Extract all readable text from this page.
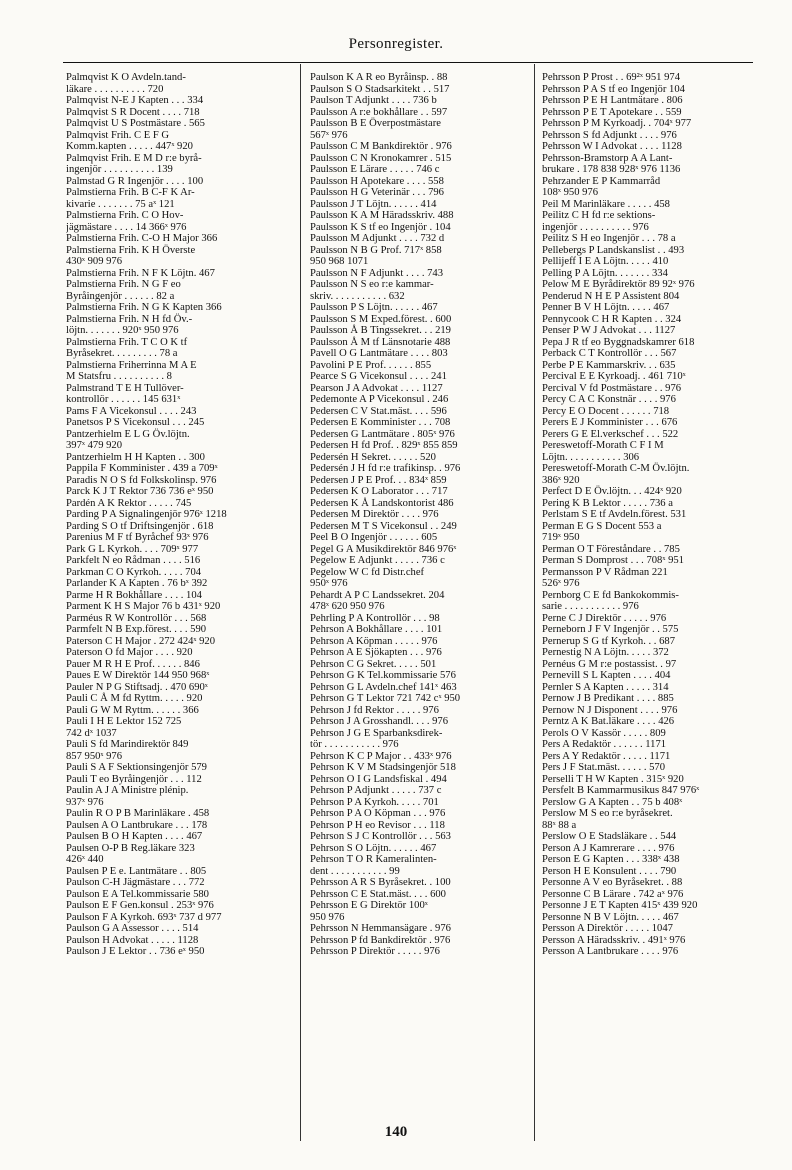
Personregister.
Palmqvist K O Avdeln.tand-
läkare . . . . . . . . . . 720
Palmqvist N-E J Kapten . . . 334
Palmqvist S R Docent . . . . 718
Palmqvist U S Postmästare . 565
Palmqvist Frih. C E F G
Komm.kapten . . . . . 447ˣ 920
Palmqvist Frih. E M D r:e byrå-
ingenjör . . . . . . . . . . 139
Palmstad G R Ingenjör . . . . 100
Palmstierna Frih. B C-F K Ar-
kivarie . . . . . . . 75 aˣ 121
Palmstierna Frih. C O Hov-
jägmästare . . . . 14 366ˣ 976
Palmstierna Frih. C-O H Major 366
Palmstierna Frih. K H Överste
430ˣ 909 976
Palmstierna Frih. N F K Löjtn. 467
Palmstierna Frih. N G F eo
Byråingenjör . . . . . . 82 a
Palmstierna Frih. N G K Kapten 366
Palmstierna Frih. N H fd Öv.-
löjtn. . . . . . . 920ˣ 950 976
Palmstierna Frih. T C O K tf
Byråsekret. . . . . . . . . 78 a
Palmstierna Friherrinna M A E
M Statsfru . . . . . . . . . . 8
Palmstrand T E H Tullöver-
kontrollör . . . . . . 145 631ˣ
Pams F A Vicekonsul . . . . 243
Panetsos P S Vicekonsul . . . 245
Pantzerhielm E L G Öv.löjtn.
397ˣ 479 920
Pantzerhielm H H Kapten . . 300
Pappila F Komminister . 439 a 709ˣ
Paradis N O S fd Folkskolinsp. 976
Parck K J T Rektor 736 736 eˣ 950
Pardén A K Rektor . . . . . 745
Parding P A Signalingenjör 976ˣ 1218
Parding S O tf Driftsingenjör . 618
Parenius M F tf Byråchef 93ˣ 976
Park G L Kyrkoh. . . . 709ˣ 977
Parkfelt N eo Rådman . . . . 516
Parkman C O Kyrkoh. . . . . 704
Parlander K A Kapten . 76 bˣ 392
Parme H R Bokhållare . . . . 104
Parment K H S Major 76 b 431ˣ 920
Parméus R W Kontrollör . . . 568
Parmfelt N B Exp.förest. . . . 590
Paterson C H Major . 272 424ˣ 920
Paterson O fd Major . . . . 920
Pauer M R H E Prof. . . . . . 846
Paues E W Direktör 144 950 968ˣ
Pauler N P G Stiftsadj. . 470 690ˣ
Pauli C Å M fd Ryttm. . . . . 920
Pauli G W M Ryttm. . . . . . 366
Pauli I H E Lektor 152 725
742 dˣ 1037
Pauli S fd Marindirektör 849
857 950ˣ 976
Pauli S A F Sektionsingenjör 579
Pauli T eo Byråingenjör . . . 112
Paulin A J A Ministre plénip.
937ˣ 976
Paulin R O P B Marinläkare . 458
Paulsen A O Lantbrukare . . . 178
Paulsen B O H Kapten . . . . 467
Paulsen O-P B Reg.läkare 323
426ˣ 440
Paulsen P E e. Lantmätare . . 805
Paulson C-H Jägmästare . . . 772
Paulson E A Tel.kommissarie 580
Paulson E F Gen.konsul . 253ˣ 976
Paulson F A Kyrkoh. 693ˣ 737 d 977
Paulson G A Assessor . . . . 514
Paulson H Advokat . . . . . 1128
Paulson J E Lektor . . 736 eˣ 950
Paulson K A R eo Byråinsp. . 88
Paulson S O Stadsarkitekt . . 517
Paulson T Adjunkt . . . . 736 b
Paulsson A r:e bokhållare . . 597
Paulsson B E Överpostmästare
567ˣ 976
Paulsson C M Bankdirektör . 976
Paulsson C N Kronokamrer . 515
Paulsson E Lärare . . . . . 746 c
Paulsson H Apotekare . . . . 558
Paulsson H G Veterinär . . . 796
Paulsson J T Löjtn. . . . . . 414
Paulsson K A M Häradsskriv. 488
Paulsson K S tf eo Ingenjör . 104
Paulsson M Adjunkt . . . . 732 d
Paulsson N B G Prof. 717ˣ 858
950 968 1071
Paulsson N F Adjunkt . . . . 743
Paulsson N S eo r:e kammar-
skriv. . . . . . . . . . . 632
Paulsson P S Löjtn. . . . . . 467
Paulsson S M Exped.förest. . 600
Paulsson Å B Tingssekret. . . 219
Paulsson Å M tf Länsnotarie 488
Pavell O G Lantmätare . . . . 803
Pavolini P E Prof. . . . . . 855
Pearce S G Vicekonsul . . . . 241
Pearson J A Advokat . . . . 1127
Pedemonte A P Vicekonsul . 246
Pedersen C V Stat.mäst. . . . 596
Pedersen E Komminister . . . 708
Pedersen G Lantmätare . 805ˣ 976
Pedersen H fd Prof. . 829ˣ 855 859
Pedersén H Sekret. . . . . . 520
Pedersén J H fd r:e trafikinsp. . 976
Pedersen J P E Prof. . . 834ˣ 859
Pedersen K O Laborator . . . 717
Pedersen K Å Landskontorist 486
Pedersen M Direktör . . . . 976
Pedersen M T S Vicekonsul . . 249
Peel B O Ingenjör . . . . . . 605
Pegel G A Musikdirektör 846 976ˣ
Pegelow E Adjunkt . . . . . 736 c
Pegelow W C fd Distr.chef
950ˣ 976
Pehardt A P C Landssekret. 204
478ˣ 620 950 976
Pehrling P A Kontrollör . . . 98
Pehrson A Bokhållare . . . . 101
Pehrson A Köpman . . . . . 976
Pehrson A E Sjökapten . . . 976
Pehrson C G Sekret. . . . . 501
Pehrson G K Tel.kommissarie 576
Pehrson G L Avdeln.chef 141ˣ 463
Pehrson G T Lektor 721 742 cˣ 950
Pehrson J fd Rektor . . . . . 976
Pehrson J A Grosshandl. . . . 976
Pehrson J G E Sparbanksdirek-
tör . . . . . . . . . . . 976
Pehrson K C P Major . . 433ˣ 976
Pehrson K V M Stadsingenjör 518
Pehrson O I G Landsfiskal . 494
Pehrson P Adjunkt . . . . . 737 c
Pehrson P A Kyrkoh. . . . . 701
Pehrson P A O Köpman . . . 976
Pehrson P H eo Revisor . . . 118
Pehrson S J C Kontrollör . . . 563
Pehrson S O Löjtn. . . . . . 467
Pehrson T O R Kameralinten-
dent . . . . . . . . . . . 99
Pehrsson A R S Byråsekret. . 100
Pehrsson C E Stat.mäst. . . . 600
Pehrsson E G Direktör 100ˣ
950 976
Pehrsson N Hemmansägare . 976
Pehrsson P fd Bankdirektör . 976
Pehrsson P Direktör . . . . . 976
Pehrsson P Prost . . 69²ˣ 951 974
Pehrsson P A S tf eo Ingenjör 104
Pehrsson P E H Lantmätare . 806
Pehrsson P E T Apotekare . . 559
Pehrsson P M Kyrkoadj. . 704ˣ 977
Pehrsson S fd Adjunkt . . . . 976
Pehrsson W I Advokat . . . . 1128
Pehrsson-Bramstorp A A Lant-
brukare . 178 838 928ˣ 976 1136
Pehrzander E P Kammarråd
108ˣ 950 976
Peil M Marinläkare . . . . . 458
Peilitz C H fd r:e sektions-
ingenjör . . . . . . . . . . 976
Peilitz S H eo Ingenjör . . . 78 a
Pellebergs P Landskanslist . . 493
Pellijeff I E A Löjtn. . . . . 410
Pelling P A Löjtn. . . . . . . 334
Pelow M E Byrådirektör 89 92ˣ 976
Penderud N H E P Assistent 804
Penner B V H Löjtn. . . . . 467
Pennycook C H R Kapten . . 324
Penser P W J Advokat . . . 1127
Pepa J R tf eo Byggnadskamrer 618
Perback C T Kontrollör . . . 567
Perbe P E Kammarskriv. . . 635
Percival E E Kyrkoadj. . 461 710ˣ
Percival V fd Postmästare . . 976
Percy C A C Konstnär . . . . 976
Percy E O Docent . . . . . . 718
Perers E J Komminister . . . 676
Perers G E El.verkschef . . . 522
Pereswetoff-Morath C F I M
Löjtn. . . . . . . . . . . 306
Pereswetoff-Morath C-M Öv.löjtn.
386ˣ 920
Perfect D E Öv.löjtn. . . 424ˣ 920
Pering K B Lektor . . . . . 736 a
Perlstam S E tf Avdeln.förest. 531
Perman E G S Docent 553 a
719ˣ 950
Perman O T Föreståndare . . 785
Perman S Domprost . . . 708ˣ 951
Permansson P V Rådman 221
526ˣ 976
Pernborg C E fd Bankokommis-
sarie . . . . . . . . . . . 976
Perne C J Direktör . . . . . 976
Perneborn J F V Ingenjör . . 575
Pernerup S G tf Kyrkoh. . . 687
Pernestig N A Löjtn. . . . . 372
Pernéus G M r:e postassist. . 97
Pernevill S L Kapten . . . . 404
Pernler S A Kapten . . . . . 314
Pernow J B Predikant . . . . 885
Pernow N J Disponent . . . . 976
Perntz A K Bat.läkare . . . . 426
Perols O V Kassör . . . . . 809
Pers A Redaktör . . . . . . 1171
Pers A Y Redaktör . . . . . 1171
Pers J F Stat.mäst. . . . . . 570
Perselli T H W Kapten . 315ˣ 920
Persfelt B Kammarmusikus 847 976ˣ
Perslow G A Kapten . . 75 b 408ˣ
Perslow M S eo r:e byråsekret.
88ˣ 88 a
Perslow O E Stadsläkare . . 544
Person A J Kamrerare . . . . 976
Person E G Kapten . . . 338ˣ 438
Person H E Konsulent . . . . 790
Personne A V eo Byråsekret. . 88
Personne C B Lärare . 742 aˣ 976
Personne J E T Kapten 415ˣ 439 920
Personne N B V Löjtn. . . . . 467
Persson A Direktör . . . . . 1047
Persson A Häradsskriv. . 491ˣ 976
Persson A Lantbrukare . . . . 976
140
